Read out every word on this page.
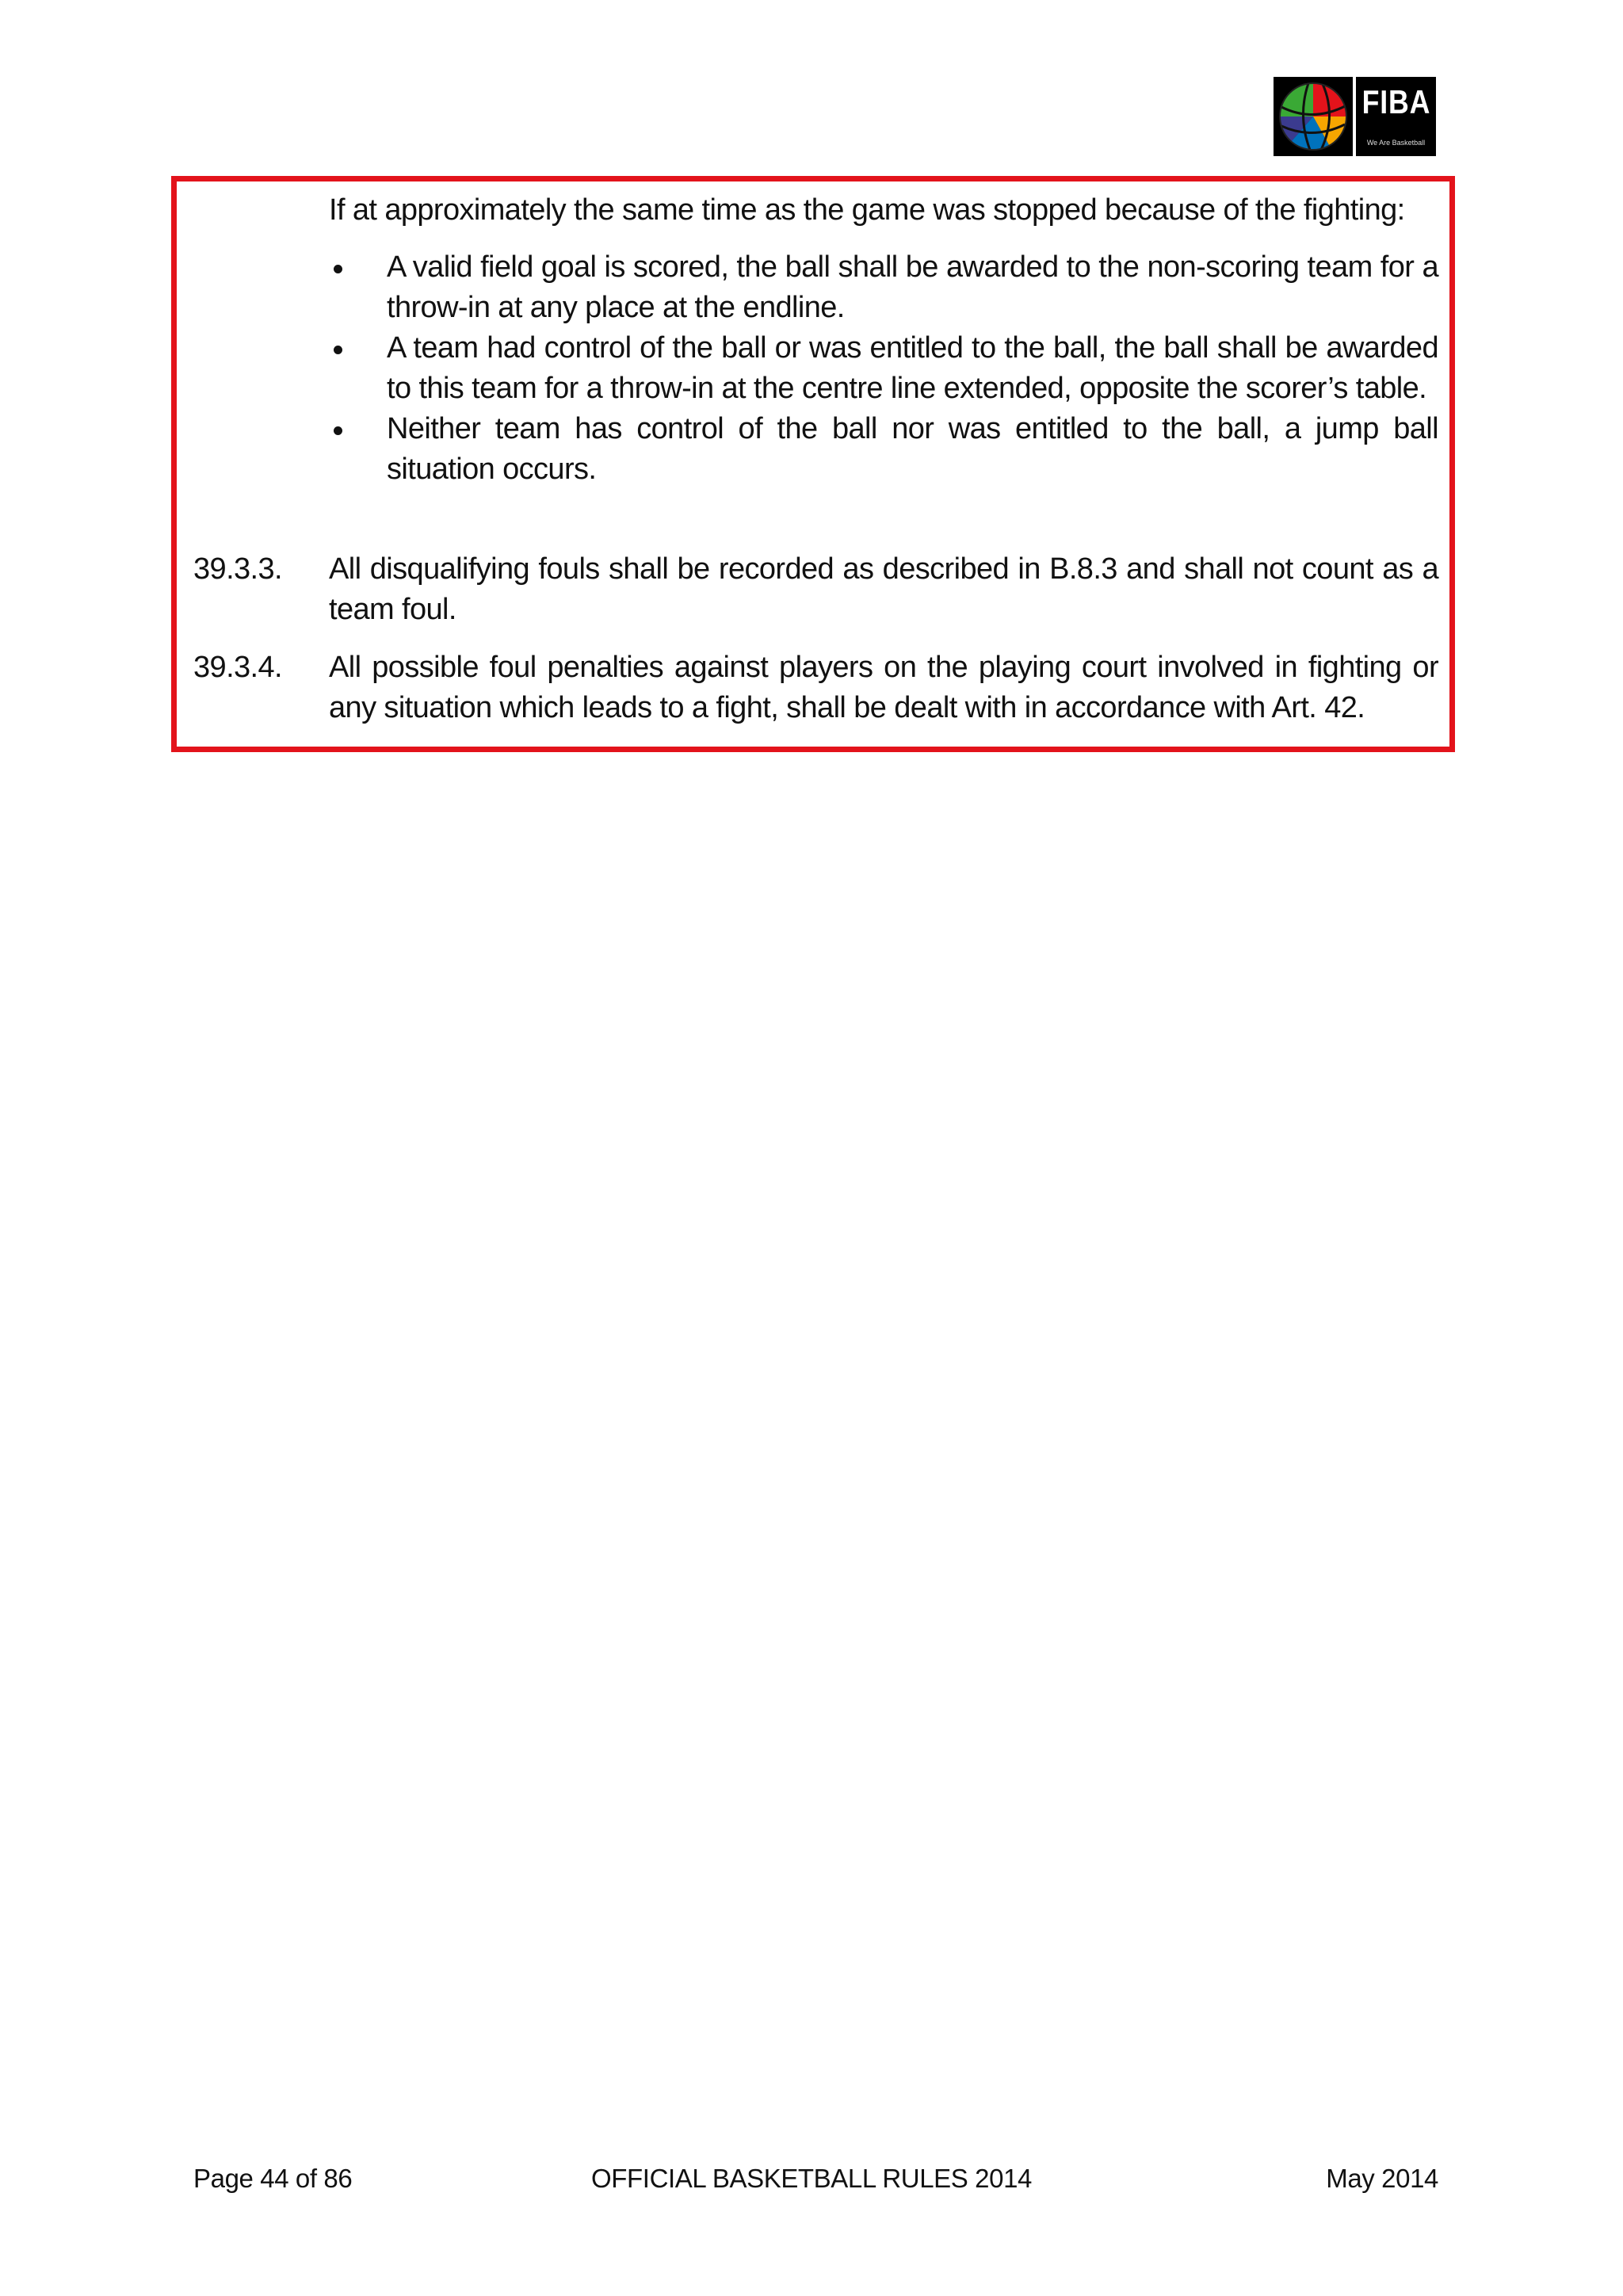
FIBA
We Are Basketball
If at approximately the same time as the game was stopped because of the fighting:
A valid field goal is scored, the ball shall be awarded to the non-scoring team for a throw-in at any place at the endline.
A team had control of the ball or was entitled to the ball, the ball shall be awarded to this team for a throw-in at the centre line extended, opposite the scorer’s table.
Neither team has control of the ball nor was entitled to the ball, a jump ball situation occurs.
39.3.3.	All disqualifying fouls shall be recorded as described in B.8.3 and shall not count as a team foul.
39.3.4.	All possible foul penalties against players on the playing court involved in fighting or any situation which leads to a fight, shall be dealt with in accordance with Art. 42.
OFFICIAL BASKETBALL RULES 2014
Page 44 of 86	May 2014
